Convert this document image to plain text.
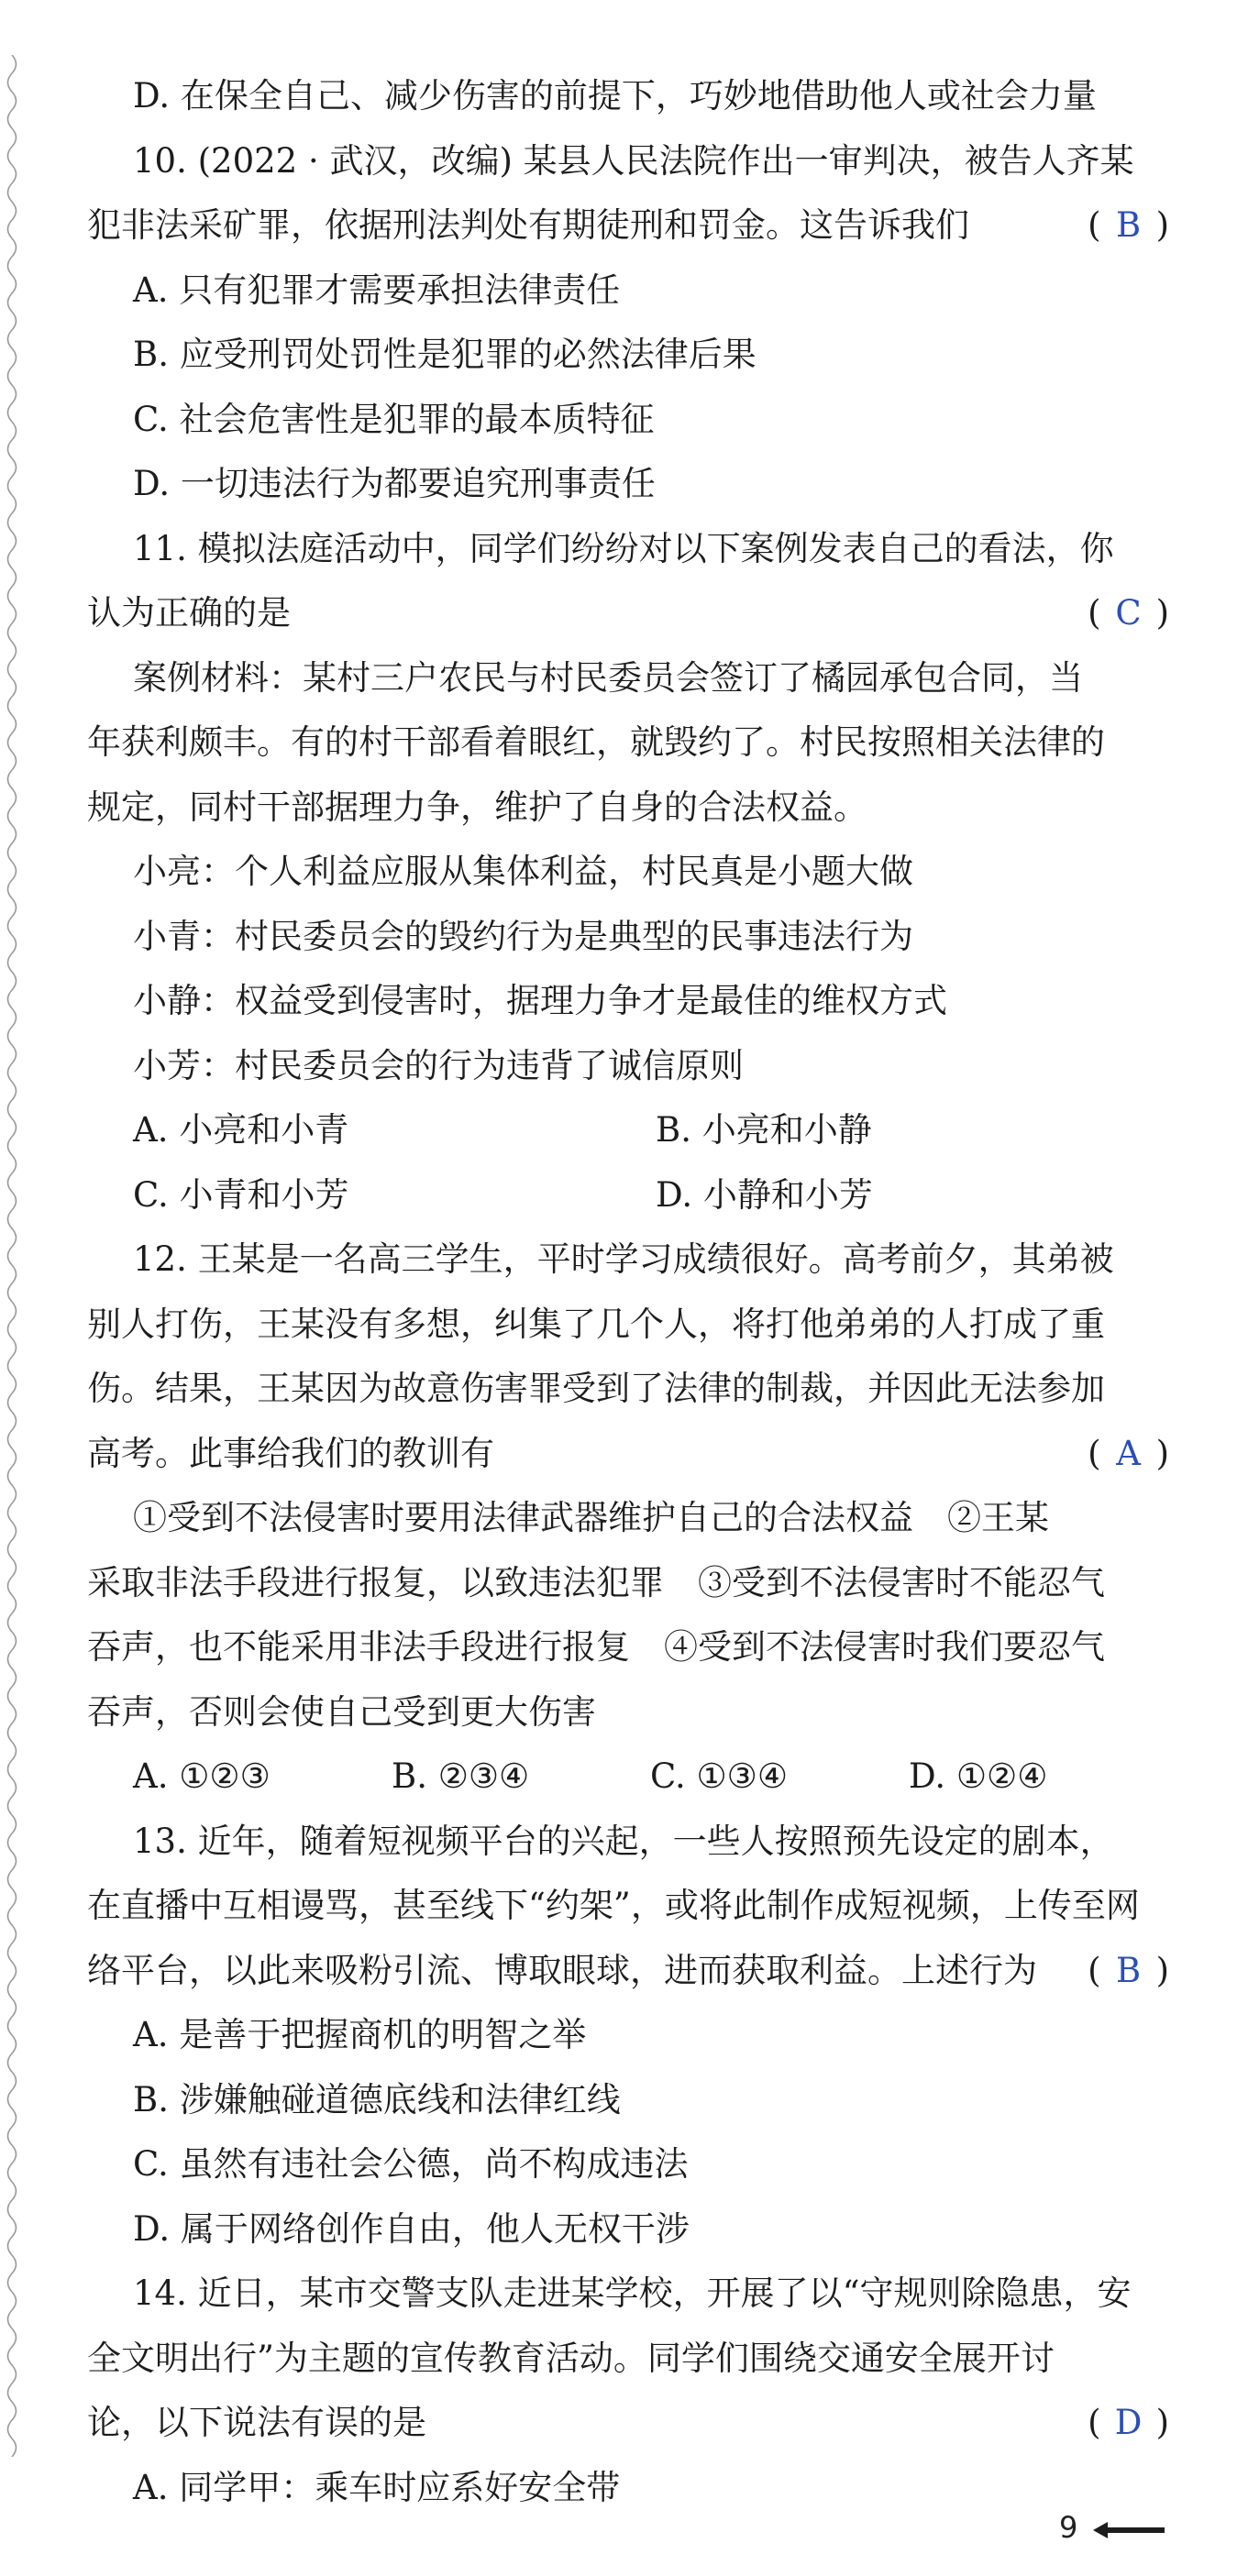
D. 在保全自己、减少伤害的前提下，巧妙地借助他人或社会力量
10. (2022 · 武汉，改编) 某县人民法院作出一审判决，被告人齐某
犯非法采矿罪，依据刑法判处有期徒刑和罚金。这告诉我们	( B )
A. 只有犯罪才需要承担法律责任
B. 应受刑罚处罚性是犯罪的必然法律后果
C. 社会危害性是犯罪的最本质特征
D. 一切违法行为都要追究刑事责任
11. 模拟法庭活动中，同学们纷纷对以下案例发表自己的看法，你
认为正确的是	( C )
案例材料：某村三户农民与村民委员会签订了橘园承包合同，当
年获利颇丰。有的村干部看着眼红，就毁约了。村民按照相关法律的
规定，同村干部据理力争，维护了自身的合法权益。
小亮：个人利益应服从集体利益，村民真是小题大做
小青：村民委员会的毁约行为是典型的民事违法行为
小静：权益受到侵害时，据理力争才是最佳的维权方式
小芳：村民委员会的行为违背了诚信原则
A. 小亮和小青	B. 小亮和小静
C. 小青和小芳	D. 小静和小芳
12. 王某是一名高三学生，平时学习成绩很好。高考前夕，其弟被
别人打伤，王某没有多想，纠集了几个人，将打他弟弟的人打成了重
伤。结果，王某因为故意伤害罪受到了法律的制裁，并因此无法参加
高考。此事给我们的教训有	( A )
①受到不法侵害时要用法律武器维护自己的合法权益　②王某
采取非法手段进行报复，以致违法犯罪　③受到不法侵害时不能忍气
吞声，也不能采用非法手段进行报复　④受到不法侵害时我们要忍气
吞声，否则会使自己受到更大伤害
A. ①②③	B. ②③④	C. ①③④	D. ①②④
13. 近年，随着短视频平台的兴起，一些人按照预先设定的剧本，
在直播中互相谩骂，甚至线下“约架”，或将此制作成短视频，上传至网
络平台，以此来吸粉引流、博取眼球，进而获取利益。上述行为 ( B )
A. 是善于把握商机的明智之举
B. 涉嫌触碰道德底线和法律红线
C. 虽然有违社会公德，尚不构成违法
D. 属于网络创作自由，他人无权干涉
14. 近日，某市交警支队走进某学校，开展了以“守规则除隐患，安
全文明出行”为主题的宣传教育活动。同学们围绕交通安全展开讨
论，以下说法有误的是	( D )
A. 同学甲：乘车时应系好安全带
9
